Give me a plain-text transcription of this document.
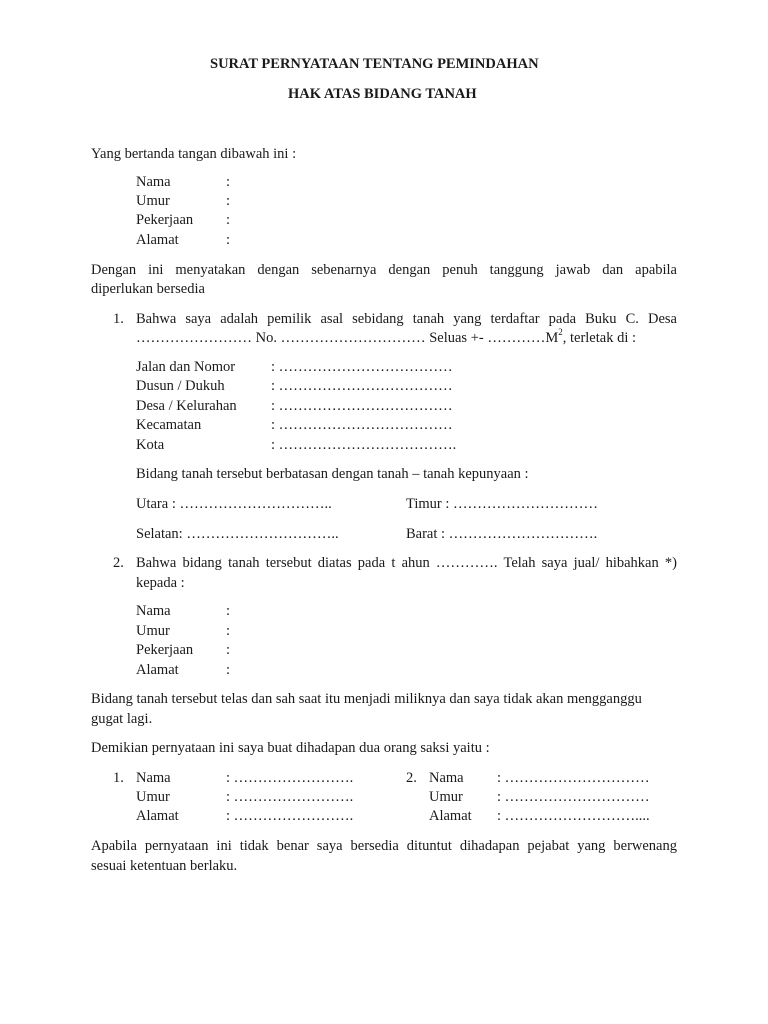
SURAT PERNYATAAN TENTANG PEMINDAHAN
HAK ATAS BIDANG TANAH
Yang bertanda tangan dibawah ini :
Nama	:
Umur	:
Pekerjaan :
Alamat	:
Dengan ini menyatakan dengan sebenarnya dengan penuh tanggung jawab dan apabila
diperlukan bersedia
1. Bahwa saya adalah pemilik asal sebidang tanah yang terdaftar pada Buku C. Desa
…………………… No. ………………………… Seluas +- $\dots\dots\dots\dots M^2$, terletak di :
Jalan dan Nomor : ………………………………
Dusun / Dukuh	: ………………………………
Desa / Kelurahan : ………………………………
Kecamatan	: ………………………………
Kota	: ……………………………….
Bidang tanah tersebut berbatasan dengan tanah – tanah kepunyaan :
Utara : …………………………..	Timur : …………………………
Selatan: …………………………..	Barat : ………………………….
2. Bahwa bidang tanah tersebut diatas pada t ahun …………. Telah saya jual/ hibahkan *)
kepada :
Nama	:
Umur	:
Pekerjaan :
Alamat	:
Bidang tanah tersebut telas dan sah saat itu menjadi miliknya dan saya tidak akan mengganggu
gugat lagi.
Demikian pernyataan ini saya buat dihadapan dua orang saksi yaitu :
1. Nama	: …………………….
Umur	: …………………….
Alamat	: …………………….
2. Nama : …………………………
Umur : …………………………
Alamat : ………………………....
Apabila pernyataan ini tidak benar saya bersedia dituntut dihadapan pejabat yang berwenang
sesuai ketentuan berlaku.
